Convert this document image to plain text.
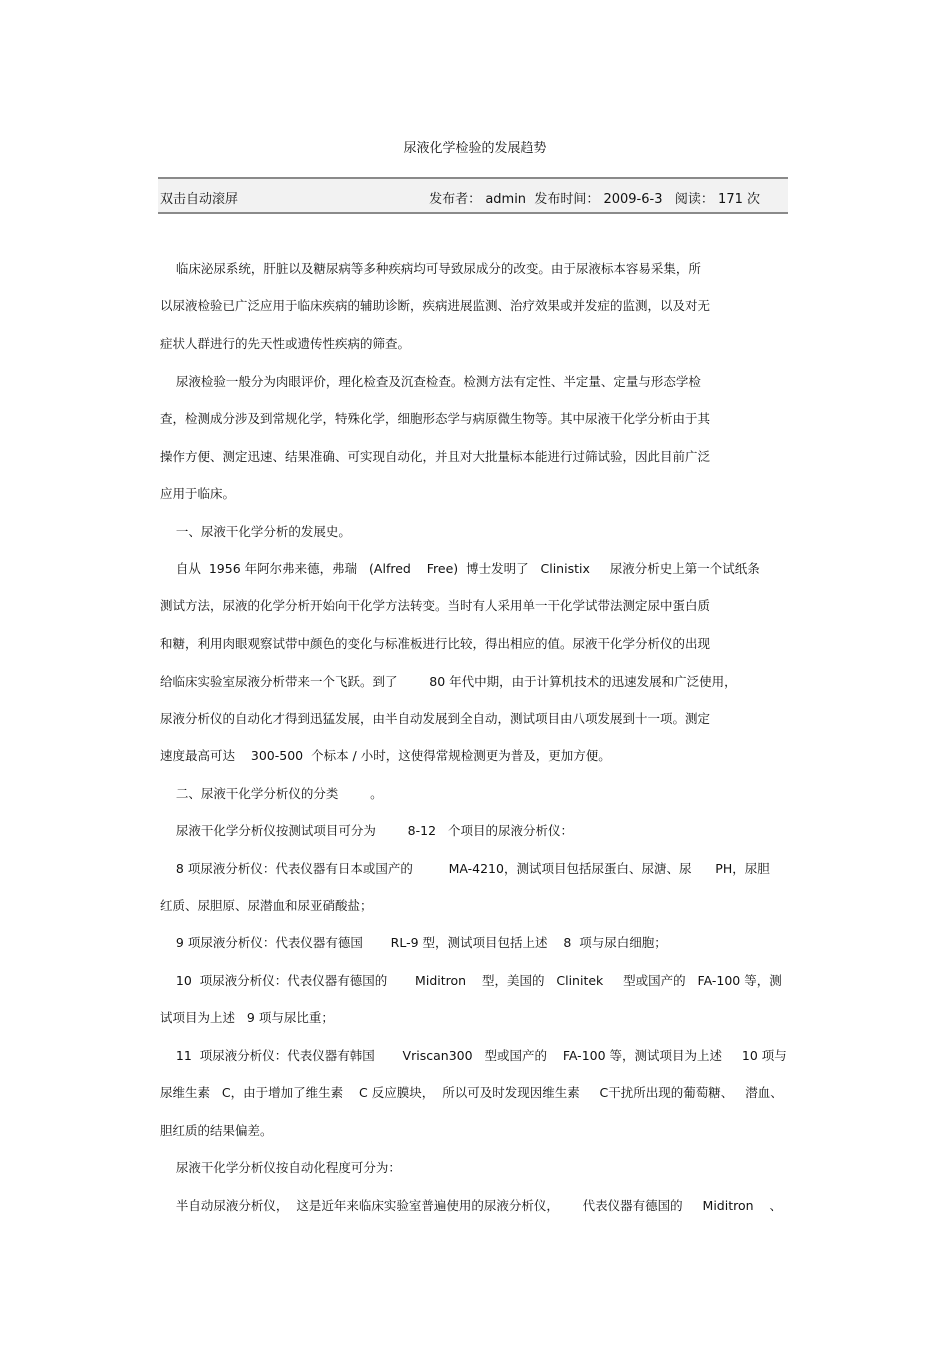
尿液化学检验的发展趋势
双击自动滚屏	发布者： admin 发布时间： 2009-6-3 阅读： 171 次
临床泌尿系统，肝脏以及糖尿病等多种疾病均可导致尿成分的改变。由于尿液标本容易采集，所
以尿液检验已广泛应用于临床疾病的辅助诊断，疾病进展监测、治疗效果或并发症的监测，以及对无
症状人群进行的先天性或遗传性疾病的筛查。
尿液检验一般分为肉眼评价，理化检查及沉查检查。检测方法有定性、半定量、定量与形态学检
查，检测成分涉及到常规化学，特殊化学，细胞形态学与病原微生物等。其中尿液干化学分析由于其
操作方便、测定迅速、结果准确、可实现自动化，并且对大批量标本能进行过筛试验，因此目前广泛
应用于临床。
一、尿液干化学分析的发展史。
自从  1956 年阿尔弗来德，弗瑞   (Alfred    Free)  博士发明了   Clinistix     尿液分析史上第一个试纸条
测试方法，尿液的化学分析开始向干化学方法转变。当时有人采用单一干化学试带法测定尿中蛋白质
和糖，利用肉眼观察试带中颜色的变化与标准板进行比较，得出相应的值。尿液干化学分析仪的出现
给临床实验室尿液分析带来一个飞跃。到了        80 年代中期，由于计算机技术的迅速发展和广泛使用，
尿液分析仪的自动化才得到迅猛发展，由半自动发展到全自动，测试项目由八项发展到十一项。测定
速度最高可达    300-500  个标本 / 小时，这使得常规检测更为普及，更加方便。
二、尿液干化学分析仪的分类        。
尿液干化学分析仪按测试项目可分为        8-12   个项目的尿液分析仪：
8 项尿液分析仪：代表仪器有日本或国产的         MA-4210，测试项目包括尿蛋白、尿溏、尿      PH，尿胆
红质、尿胆原、尿潜血和尿亚硝酸盐；
9 项尿液分析仪：代表仪器有德国       RL-9 型，测试项目包括上述    8  项与尿白细胞；
10  项尿液分析仪：代表仪器有德国的       Miditron    型，美国的   Clinitek     型或国产的   FA-100 等，测
试项目为上述   9 项与尿比重；
11  项尿液分析仪：代表仪器有韩国       Vriscan300   型或国产的    FA-100 等，测试项目为上述     10 项与
尿维生素   C，由于增加了维生素    C 反应膜块，  所以可及时发现因维生素     C干扰所出现的葡萄糖、   潜血、
胆红质的结果偏差。
尿液干化学分析仪按自动化程度可分为：
半自动尿液分析仪，  这是近年来临床实验室普遍使用的尿液分析仪，      代表仪器有德国的     Miditron    、
